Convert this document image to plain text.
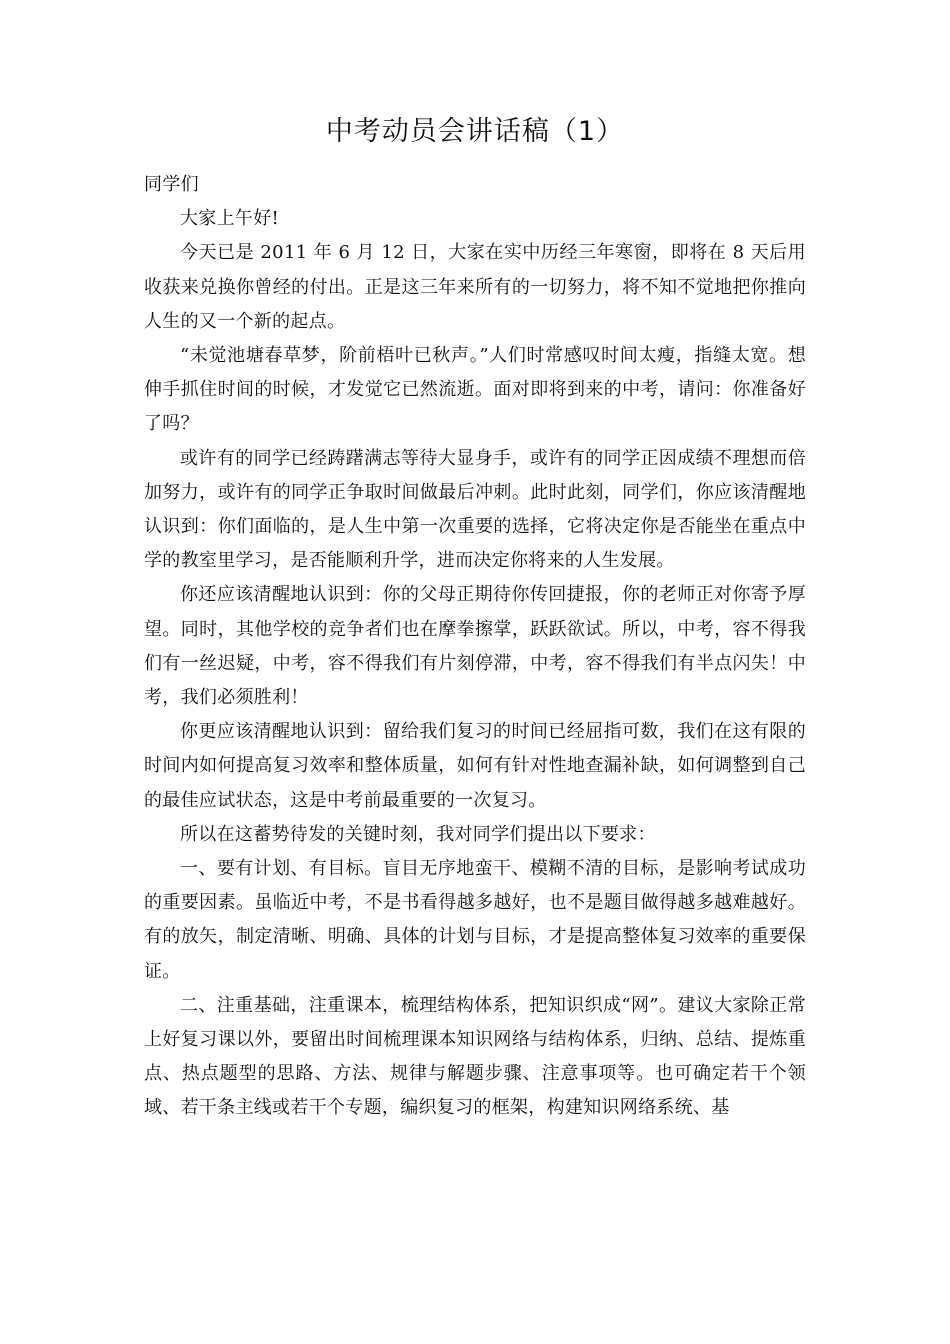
中考动员会讲话稿（1）

同学们

大家上午好!

今天已是 2011 年 6 月 12 日，大家在实中历经三年寒窗，即将在 8 天后用收获来兑换你曾经的付出。正是这三年来所有的一切努力，将不知不觉地把你推向人生的又一个新的起点。

“未觉池塘春草梦，阶前梧叶已秋声。”人们时常感叹时间太瘦，指缝太宽。想伸手抓住时间的时候，才发觉它已然流逝。面对即将到来的中考，请问：你准备好了吗？

或许有的同学已经踌躇满志等待大显身手，或许有的同学正因成绩不理想而倍加努力，或许有的同学正争取时间做最后冲刺。此时此刻，同学们，你应该清醒地认识到：你们面临的，是人生中第一次重要的选择，它将决定你是否能坐在重点中学的教室里学习，是否能顺利升学，进而决定你将来的人生发展。

你还应该清醒地认识到：你的父母正期待你传回捷报，你的老师正对你寄予厚望。同时，其他学校的竞争者们也在摩拳擦掌，跃跃欲试。所以，中考，容不得我们有一丝迟疑，中考，容不得我们有片刻停滞，中考，容不得我们有半点闪失！中考，我们必须胜利！

你更应该清醒地认识到：留给我们复习的时间已经屈指可数，我们在这有限的时间内如何提高复习效率和整体质量，如何有针对性地查漏补缺，如何调整到自己的最佳应试状态，这是中考前最重要的一次复习。

所以在这蓄势待发的关键时刻，我对同学们提出以下要求：

一、要有计划、有目标。盲目无序地蛮干、模糊不清的目标，是影响考试成功的重要因素。虽临近中考，不是书看得越多越好，也不是题目做得越多越难越好。有的放矢，制定清晰、明确、具体的计划与目标，才是提高整体复习效率的重要保证。

二、注重基础，注重课本，梳理结构体系，把知识织成“网”。建议大家除正常上好复习课以外，要留出时间梳理课本知识网络与结构体系，归纳、总结、提炼重点、热点题型的思路、方法、规律与解题步骤、注意事项等。也可确定若干个领域、若干条主线或若干个专题，编织复习的框架，构建知识网络系统、基
